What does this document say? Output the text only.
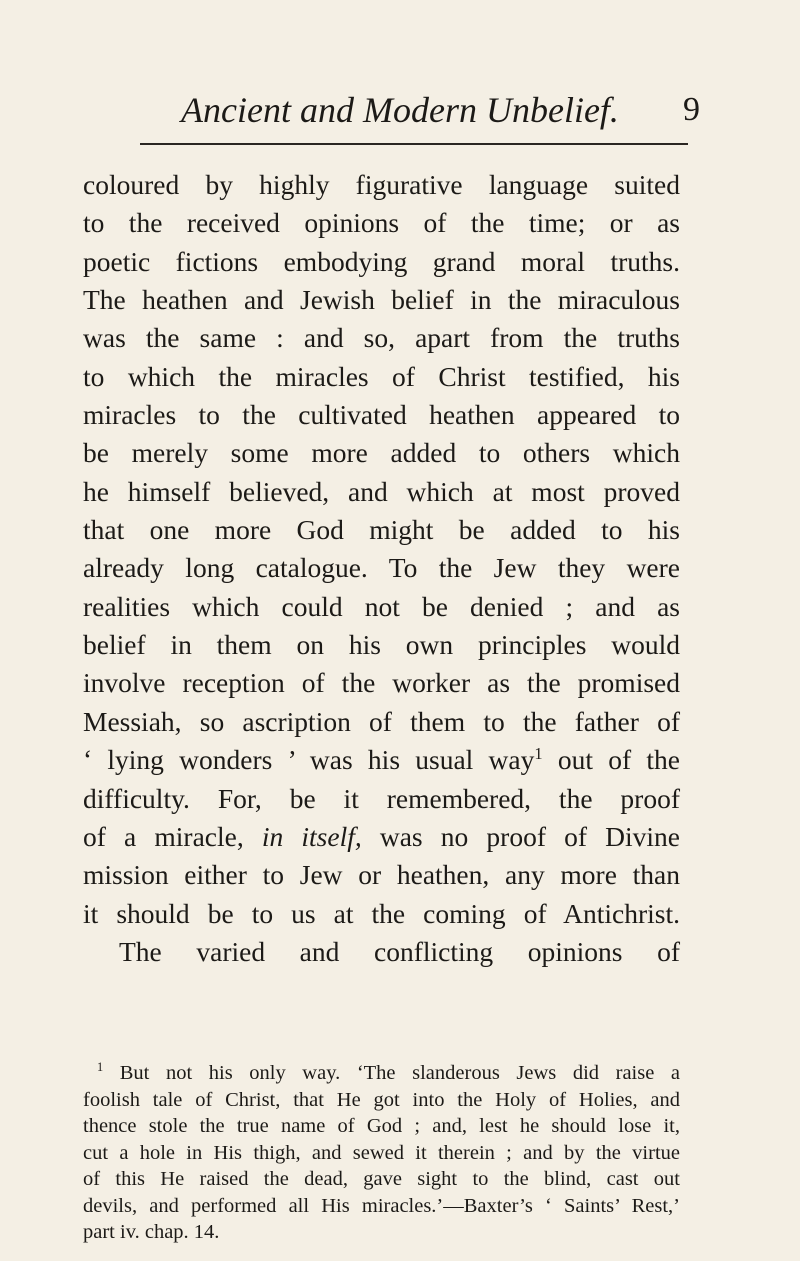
Ancient and Modern Unbelief.	9
coloured by highly figurative language suited
to the received opinions of the time; or as
poetic fictions embodying grand moral truths.
The heathen and Jewish belief in the miraculous
was the same : and so, apart from the truths
to which the miracles of Christ testified, his
miracles to the cultivated heathen appeared to
be merely some more added to others which
he himself believed, and which at most proved
that one more God might be added to his
already long catalogue. To the Jew they were
realities which could not be denied ; and as
belief in them on his own principles would
involve reception of the worker as the promised
Messiah, so ascription of them to the father of
‘ lying wonders ’ was his usual way$^1$ out of the
difficulty. For, be it remembered, the proof
of a miracle, in itself, was no proof of Divine
mission either to Jew or heathen, any more than
it should be to us at the coming of Antichrist.
The varied and conflicting opinions of
$^1$ But not his only way. ‘The slanderous Jews did raise a
foolish tale of Christ, that He got into the Holy of Holies, and
thence stole the true name of God ; and, lest he should lose it,
cut a hole in His thigh, and sewed it therein ; and by the virtue
of this He raised the dead, gave sight to the blind, cast out
devils, and performed all His miracles.’—Baxter’s ‘ Saints’ Rest,’
part iv. chap. 14.
